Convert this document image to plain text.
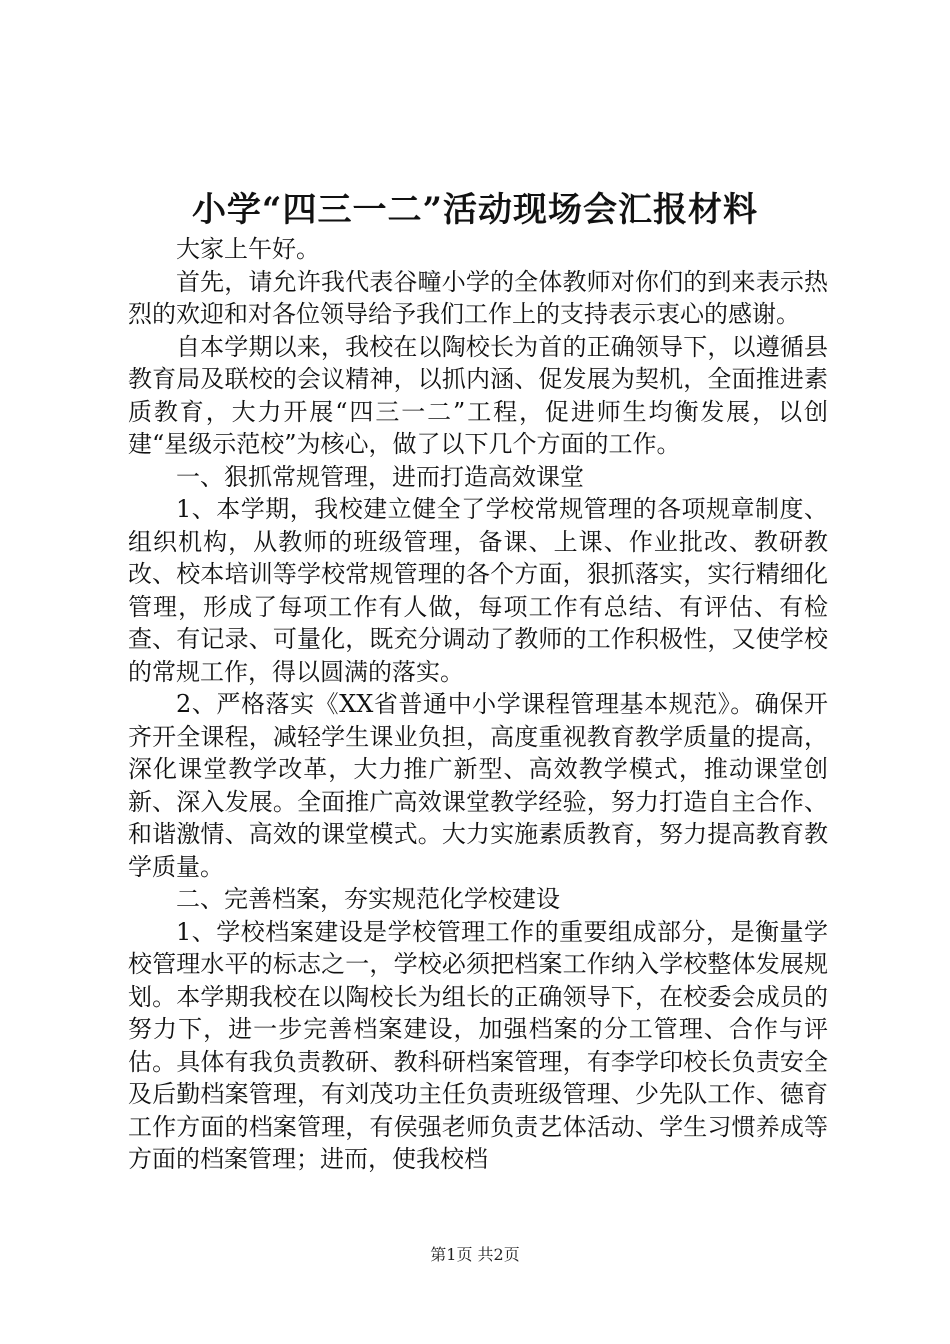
小学“四三一二”活动现场会汇报材料

大家上午好。

首先，请允许我代表谷疃小学的全体教师对你们的到来表示热烈的欢迎和对各位领导给予我们工作上的支持表示衷心的感谢。

自本学期以来，我校在以陶校长为首的正确领导下，以遵循县教育局及联校的会议精神，以抓内涵、促发展为契机，全面推进素质教育，大力开展“四三一二”工程，促进师生均衡发展，以创建“星级示范校”为核心，做了以下几个方面的工作。

一、狠抓常规管理，进而打造高效课堂

1、本学期，我校建立健全了学校常规管理的各项规章制度、组织机构，从教师的班级管理，备课、上课、作业批改、教研教改、校本培训等学校常规管理的各个方面，狠抓落实，实行精细化管理，形成了每项工作有人做，每项工作有总结、有评估、有检查、有记录、可量化，既充分调动了教师的工作积极性，又使学校的常规工作，得以圆满的落实。

2、严格落实《XX省普通中小学课程管理基本规范》。确保开齐开全课程，减轻学生课业负担，高度重视教育教学质量的提高，深化课堂教学改革，大力推广新型、高效教学模式，推动课堂创新、深入发展。全面推广高效课堂教学经验，努力打造自主合作、和谐激情、高效的课堂模式。大力实施素质教育，努力提高教育教学质量。

二、完善档案，夯实规范化学校建设

1、学校档案建设是学校管理工作的重要组成部分，是衡量学校管理水平的标志之一，学校必须把档案工作纳入学校整体发展规划。本学期我校在以陶校长为组长的正确领导下，在校委会成员的努力下，进一步完善档案建设，加强档案的分工管理、合作与评估。具体有我负责教研、教科研档案管理，有李学印校长负责安全及后勤档案管理，有刘茂功主任负责班级管理、少先队工作、德育工作方面的档案管理，有侯强老师负责艺体活动、学生习惯养成等方面的档案管理；进而，使我校档

第1页 共2页
